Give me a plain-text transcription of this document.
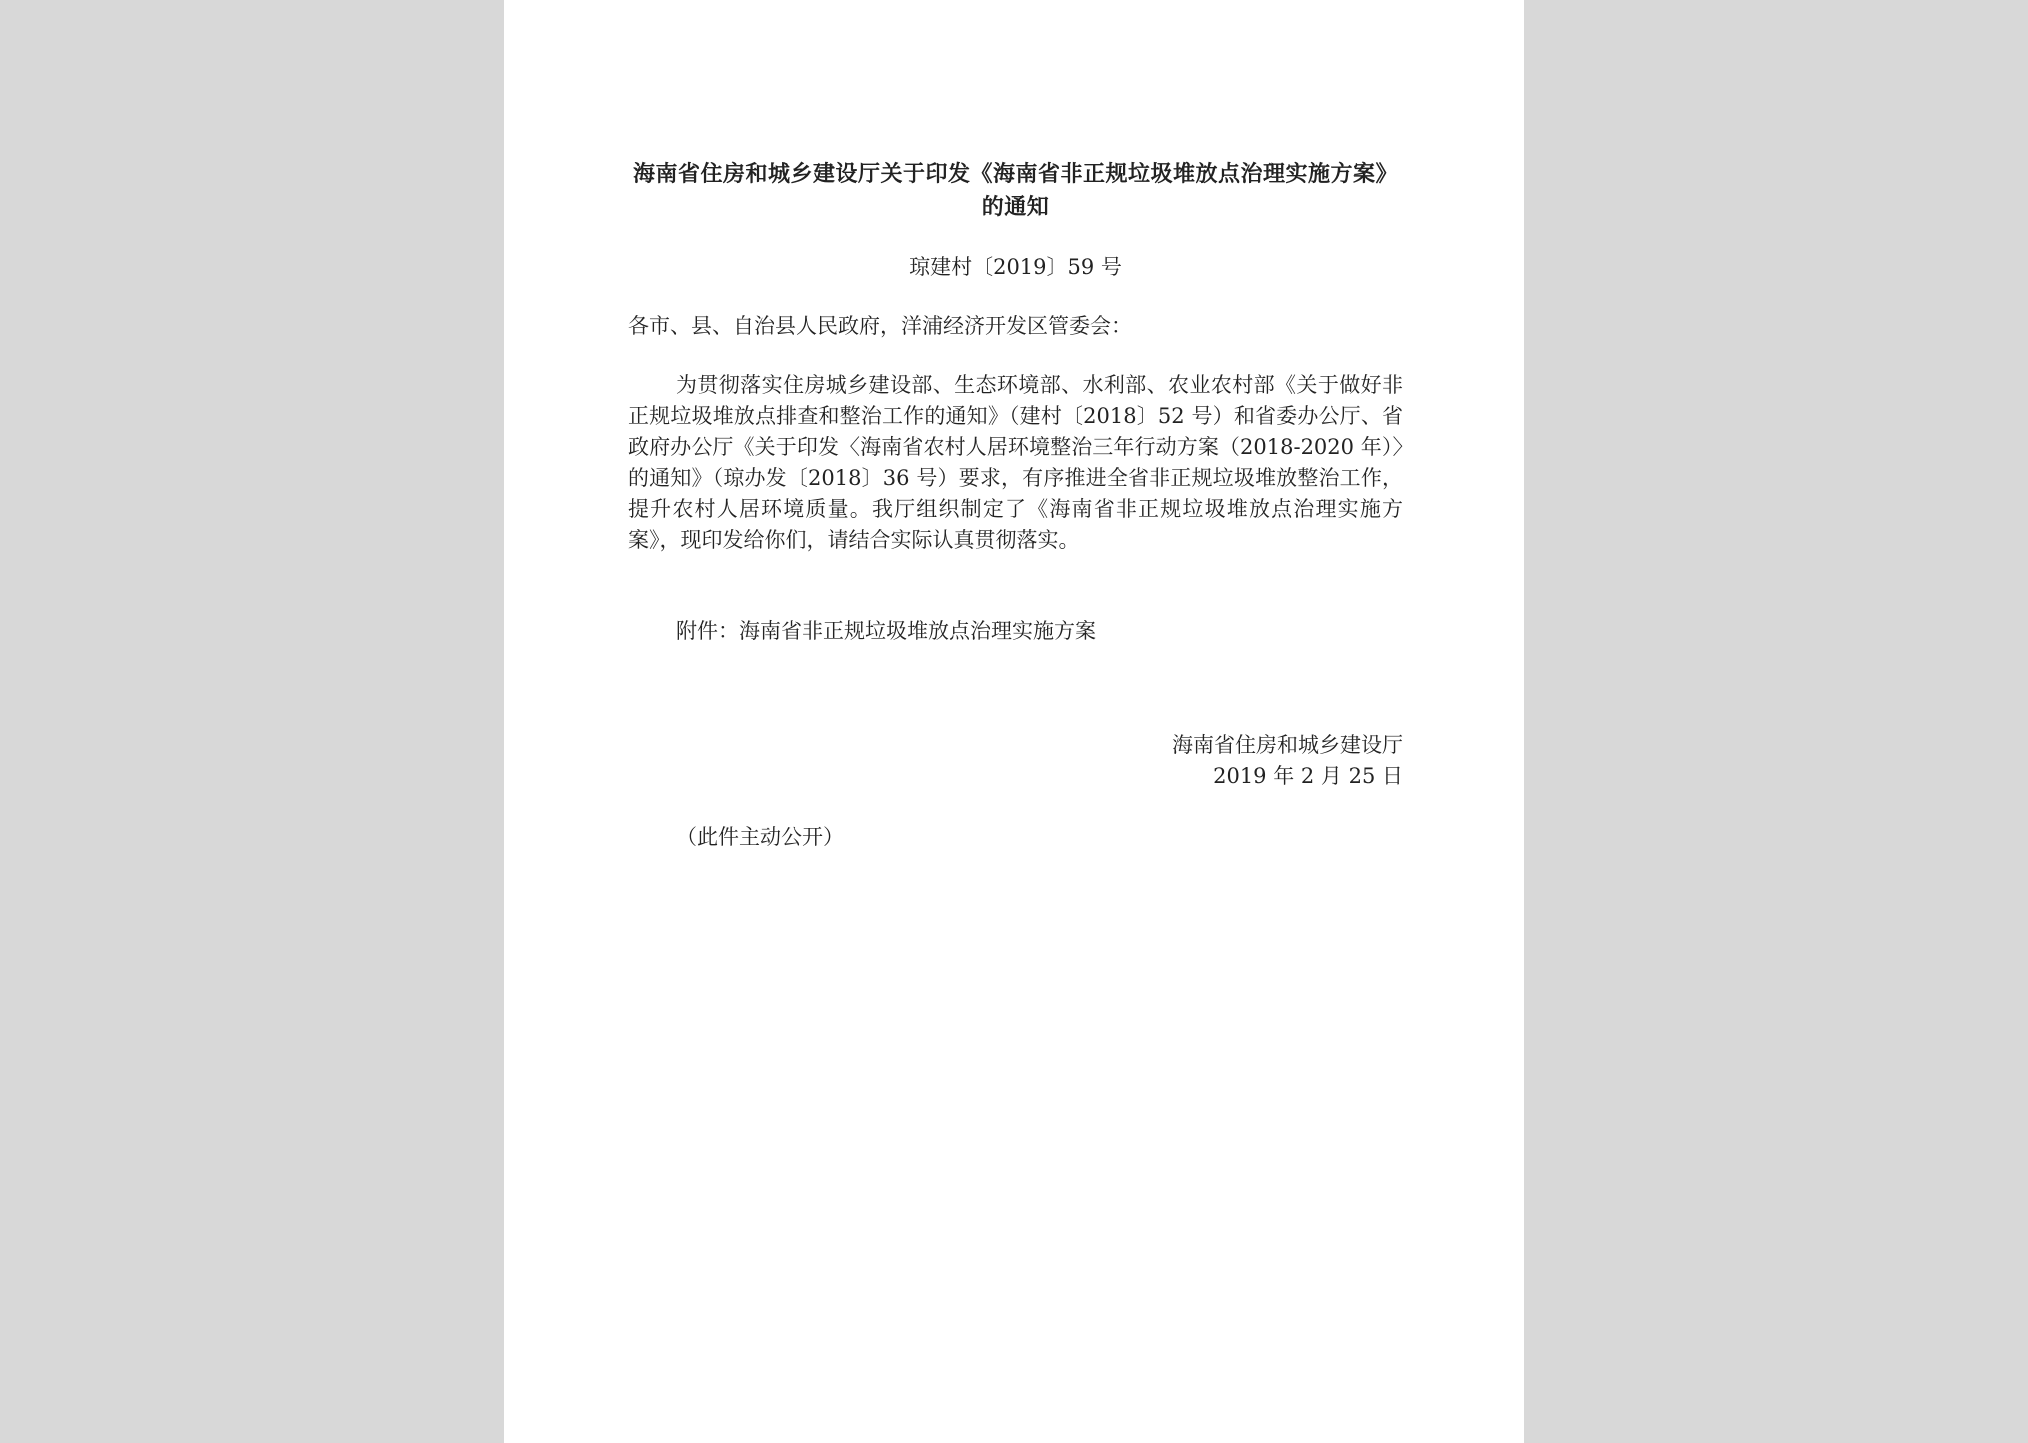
海南省住房和城乡建设厅关于印发《海南省非正规垃圾堆放点治理实施方案》的通知
琼建村〔2019〕59 号
各市、县、自治县人民政府，洋浦经济开发区管委会：
为贯彻落实住房城乡建设部、生态环境部、水利部、农业农村部《关于做好非正规垃圾堆放点排查和整治工作的通知》（建村〔2018〕52 号）和省委办公厅、省政府办公厅《关于印发〈海南省农村人居环境整治三年行动方案（2018-2020 年）〉的通知》（琼办发〔2018〕36 号）要求，有序推进全省非正规垃圾堆放整治工作，提升农村人居环境质量。我厅组织制定了《海南省非正规垃圾堆放点治理实施方案》，现印发给你们，请结合实际认真贯彻落实。
附件：海南省非正规垃圾堆放点治理实施方案
海南省住房和城乡建设厅
2019 年 2 月 25 日
（此件主动公开）
